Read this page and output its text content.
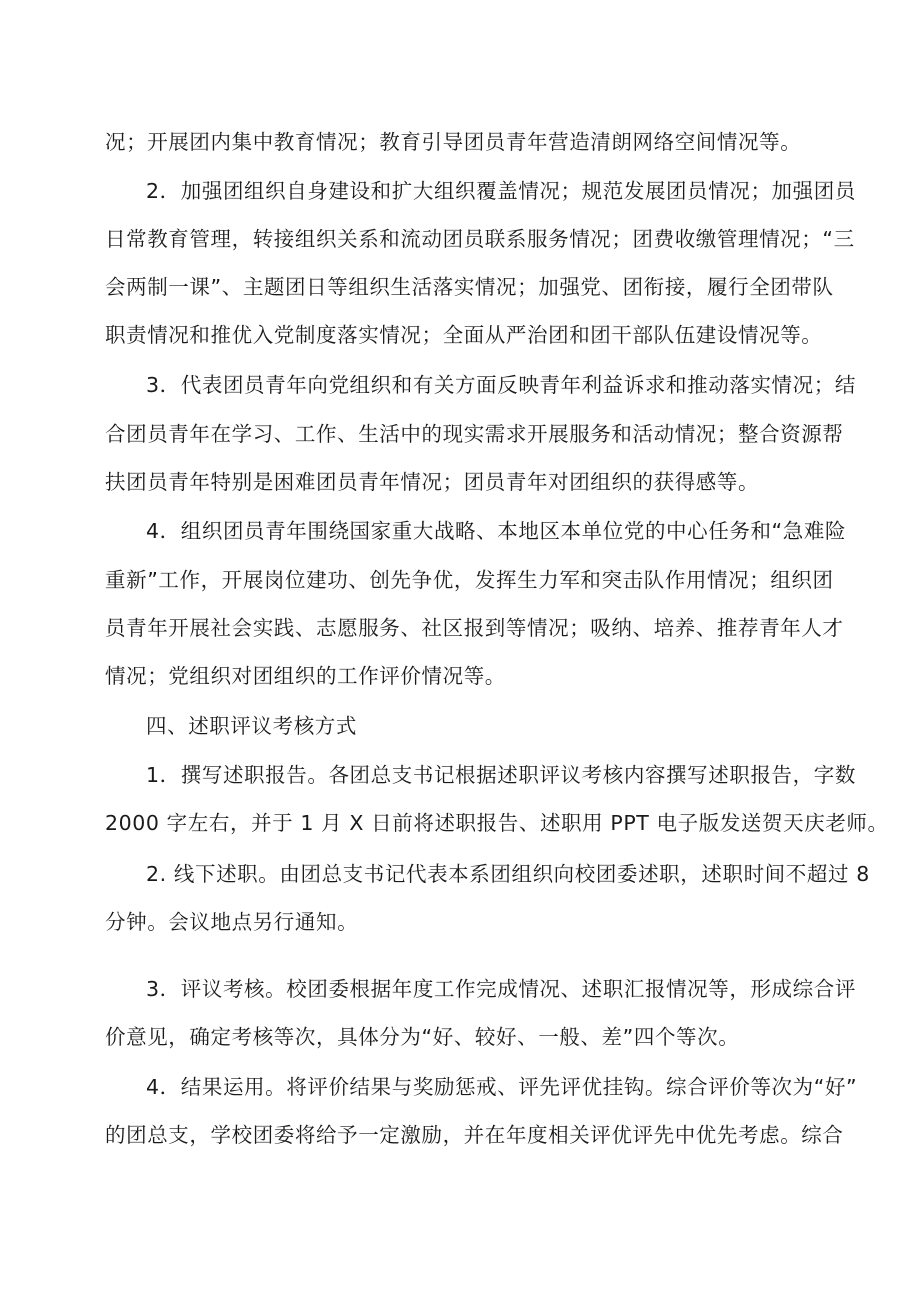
况；开展团内集中教育情况；教育引导团员青年营造清朗网络空间情况等。
2．加强团组织自身建设和扩大组织覆盖情况；规范发展团员情况；加强团员
日常教育管理，转接组织关系和流动团员联系服务情况；团费收缴管理情况；“三
会两制一课”、主题团日等组织生活落实情况；加强党、团衔接，履行全团带队
职责情况和推优入党制度落实情况；全面从严治团和团干部队伍建设情况等。
3．代表团员青年向党组织和有关方面反映青年利益诉求和推动落实情况；结
合团员青年在学习、工作、生活中的现实需求开展服务和活动情况；整合资源帮
扶团员青年特别是困难团员青年情况；团员青年对团组织的获得感等。
4．组织团员青年围绕国家重大战略、本地区本单位党的中心任务和“急难险
重新”工作，开展岗位建功、创先争优，发挥生力军和突击队作用情况；组织团
员青年开展社会实践、志愿服务、社区报到等情况；吸纳、培养、推荐青年人才
情况；党组织对团组织的工作评价情况等。
四、述职评议考核方式
1．撰写述职报告。各团总支书记根据述职评议考核内容撰写述职报告，字数
2000 字左右，并于 1 月 X 日前将述职报告、述职用 PPT 电子版发送贺天庆老师。
2. 线下述职。由团总支书记代表本系团组织向校团委述职，述职时间不超过 8
分钟。会议地点另行通知。
3．评议考核。校团委根据年度工作完成情况、述职汇报情况等，形成综合评
价意见，确定考核等次，具体分为“好、较好、一般、差”四个等次。
4．结果运用。将评价结果与奖励惩戒、评先评优挂钩。综合评价等次为“好”
的团总支，学校团委将给予一定激励，并在年度相关评优评先中优先考虑。综合
